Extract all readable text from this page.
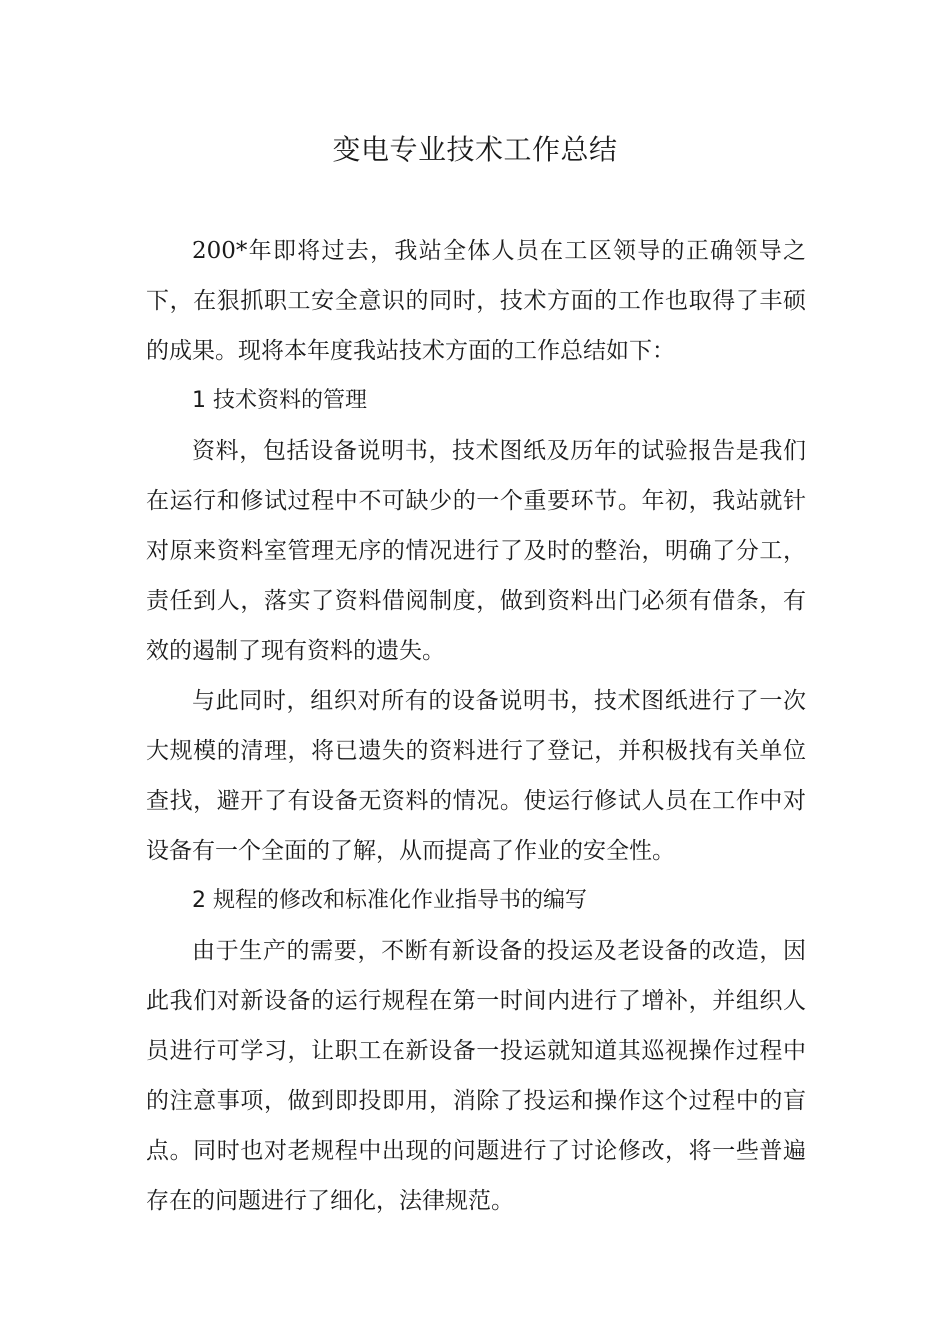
变电专业技术工作总结

200*年即将过去，我站全体人员在工区领导的正确领导之下，在狠抓职工安全意识的同时，技术方面的工作也取得了丰硕的成果。现将本年度我站技术方面的工作总结如下：

1 技术资料的管理

资料，包括设备说明书，技术图纸及历年的试验报告是我们在运行和修试过程中不可缺少的一个重要环节。年初，我站就针对原来资料室管理无序的情况进行了及时的整治，明确了分工，责任到人，落实了资料借阅制度，做到资料出门必须有借条，有效的遏制了现有资料的遗失。

与此同时，组织对所有的设备说明书，技术图纸进行了一次大规模的清理，将已遗失的资料进行了登记，并积极找有关单位查找，避开了有设备无资料的情况。使运行修试人员在工作中对设备有一个全面的了解，从而提高了作业的安全性。

2 规程的修改和标准化作业指导书的编写

由于生产的需要，不断有新设备的投运及老设备的改造，因此我们对新设备的运行规程在第一时间内进行了增补，并组织人员进行可学习，让职工在新设备一投运就知道其巡视操作过程中的注意事项，做到即投即用，消除了投运和操作这个过程中的盲点。同时也对老规程中出现的问题进行了讨论修改，将一些普遍存在的问题进行了细化，法律规范。
